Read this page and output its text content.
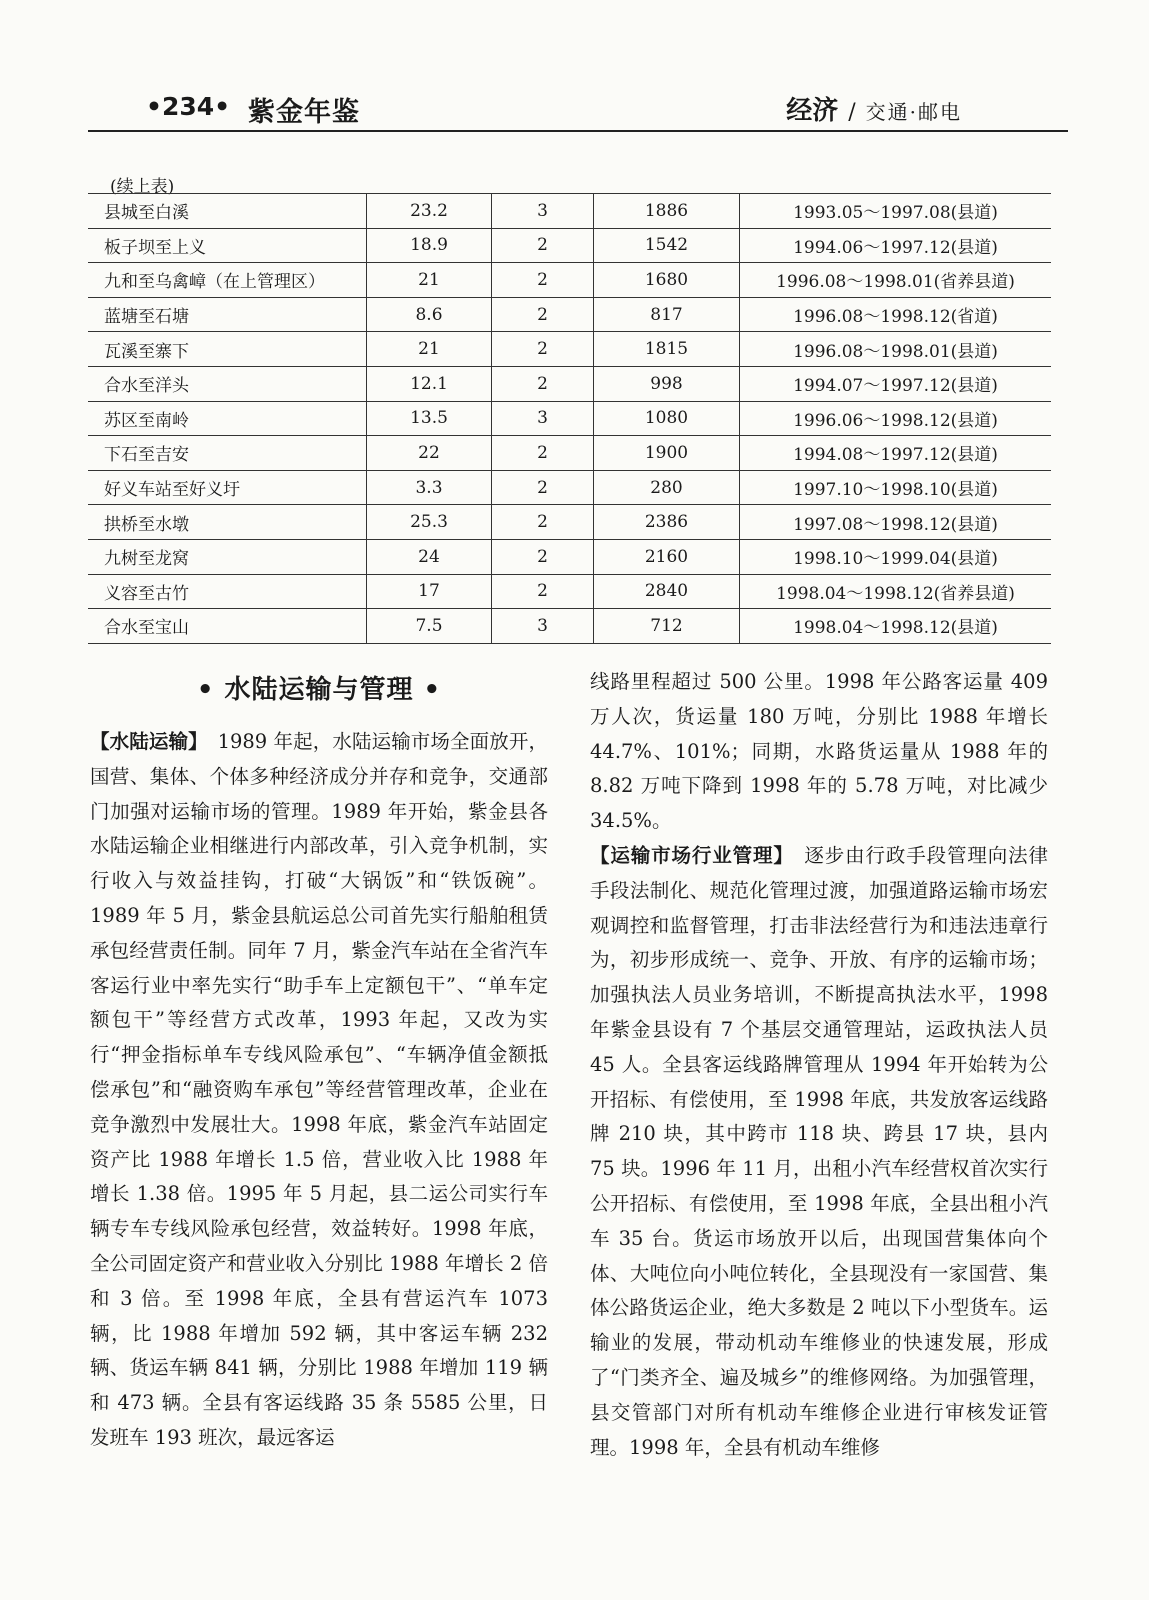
•234• 紫金年鉴	经济 / 交通·邮电
(续上表)
县城至白溪	23.2	3	1886	1993.05～1997.08(县道)
板子坝至上义	18.9	2	1542	1994.06～1997.12(县道)
九和至乌禽嶂（在上管理区）	21	2	1680	1996.08～1998.01(省养县道)
蓝塘至石塘	8.6	2	817	1996.08～1998.12(省道)
瓦溪至寨下	21	2	1815	1996.08～1998.01(县道)
合水至洋头	12.1	2	998	1994.07～1997.12(县道)
苏区至南岭	13.5	3	1080	1996.06～1998.12(县道)
下石至吉安	22	2	1900	1994.08～1997.12(县道)
好义车站至好义圩	3.3	2	280	1997.10～1998.10(县道)
拱桥至水墩	25.3	2	2386	1997.08～1998.12(县道)
九树至龙窝	24	2	2160	1998.10～1999.04(县道)
义容至古竹	17	2	2840	1998.04～1998.12(省养县道)
合水至宝山	7.5	3	712	1998.04～1998.12(县道)
• 水陆运输与管理 •

【水陆运输】　1989 年起，水陆运输市场全面放开，国营、集体、个体多种经济成分并存和竞争，交通部门加强对运输市场的管理。1989 年开始，紫金县各水陆运输企业相继进行内部改革，引入竞争机制，实行收入与效益挂钩，打破“大锅饭”和“铁饭碗”。1989 年 5 月，紫金县航运总公司首先实行船舶租赁承包经营责任制。同年 7 月，紫金汽车站在全省汽车客运行业中率先实行“助手车上定额包干”、“单车定额包干”等经营方式改革，1993 年起，又改为实行“押金指标单车专线风险承包”、“车辆净值金额抵偿承包”和“融资购车承包”等经营管理改革，企业在竞争激烈中发展壮大。1998 年底，紫金汽车站固定资产比 1988 年增长 1.5 倍，营业收入比 1988 年增长 1.38 倍。1995 年 5 月起，县二运公司实行车辆专车专线风险承包经营，效益转好。1998 年底，全公司固定资产和营业收入分别比 1988 年增长 2 倍和 3 倍。至 1998 年底，全县有营运汽车 1073 辆，比 1988 年增加 592 辆，其中客运车辆 232 辆、货运车辆 841 辆，分别比 1988 年增加 119 辆和 473 辆。全县有客运线路 35 条 5585 公里，日发班车 193 班次，最远客运

线路里程超过 500 公里。1998 年公路客运量 409 万人次，货运量 180 万吨，分别比 1988 年增长 44.7%、101%；同期，水路货运量从 1988 年的 8.82 万吨下降到 1998 年的 5.78 万吨，对比减少 34.5%。

【运输市场行业管理】　逐步由行政手段管理向法律手段法制化、规范化管理过渡，加强道路运输市场宏观调控和监督管理，打击非法经营行为和违法违章行为，初步形成统一、竞争、开放、有序的运输市场；加强执法人员业务培训，不断提高执法水平，1998 年紫金县设有 7 个基层交通管理站，运政执法人员 45 人。全县客运线路牌管理从 1994 年开始转为公开招标、有偿使用，至 1998 年底，共发放客运线路牌 210 块，其中跨市 118 块、跨县 17 块，县内 75 块。1996 年 11 月，出租小汽车经营权首次实行公开招标、有偿使用，至 1998 年底，全县出租小汽车 35 台。货运市场放开以后，出现国营集体向个体、大吨位向小吨位转化，全县现没有一家国营、集体公路货运企业，绝大多数是 2 吨以下小型货车。运输业的发展，带动机动车维修业的快速发展，形成了“门类齐全、遍及城乡”的维修网络。为加强管理，县交管部门对所有机动车维修企业进行审核发证管理。1998 年，全县有机动车维修
